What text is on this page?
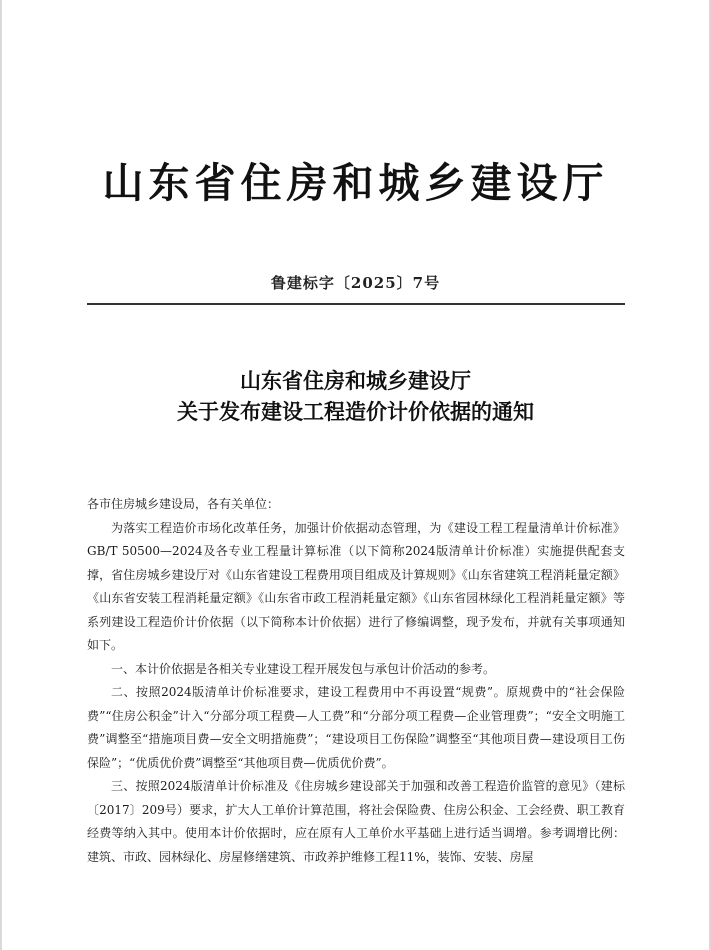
山东省住房和城乡建设厅
鲁建标字〔2025〕7号
山东省住房和城乡建设厅
关于发布建设工程造价计价依据的通知

各市住房城乡建设局，各有关单位：

为落实工程造价市场化改革任务，加强计价依据动态管理，为《建设工程工程量清单计价标准》GB/T 50500—2024及各专业工程量计算标准（以下简称2024版清单计价标准）实施提供配套支撑，省住房城乡建设厅对《山东省建设工程费用项目组成及计算规则》《山东省建筑工程消耗量定额》《山东省安装工程消耗量定额》《山东省市政工程消耗量定额》《山东省园林绿化工程消耗量定额》等系列建设工程造价计价依据（以下简称本计价依据）进行了修编调整，现予发布，并就有关事项通知如下。

一、本计价依据是各相关专业建设工程开展发包与承包计价活动的参考。

二、按照2024版清单计价标准要求，建设工程费用中不再设置“规费”。原规费中的“社会保险费”“住房公积金”计入“分部分项工程费—人工费”和“分部分项工程费—企业管理费”；“安全文明施工费”调整至“措施项目费—安全文明措施费”；“建设项目工伤保险”调整至“其他项目费—建设项目工伤保险”；“优质优价费”调整至“其他项目费—优质优价费”。

三、按照2024版清单计价标准及《住房城乡建设部关于加强和改善工程造价监管的意见》（建标〔2017〕209号）要求，扩大人工单价计算范围，将社会保险费、住房公积金、工会经费、职工教育经费等纳入其中。使用本计价依据时，应在原有人工单价水平基础上进行适当调增。参考调增比例：建筑、市政、园林绿化、房屋修缮建筑、市政养护维修工程11%，装饰、安装、房屋
